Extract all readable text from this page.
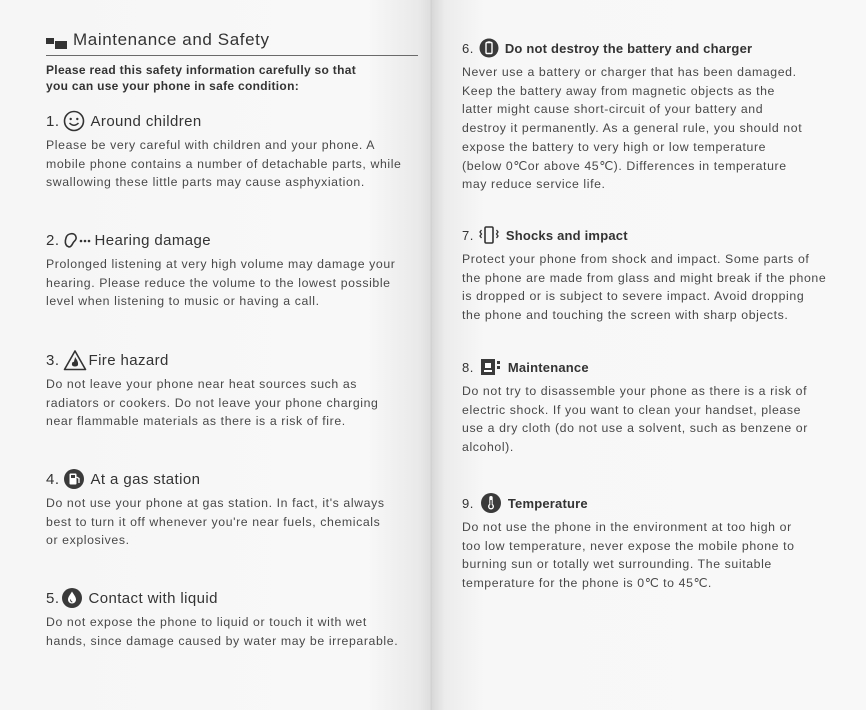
Maintenance and Safety
Please read this safety information carefully so that
you can use your phone in safe condition:
1. Around children

Please be very careful with children and your phone. A

mobile phone contains a number of detachable parts, while

swallowing these little parts may cause asphyxiation.

2. Hearing damage

Prolonged listening at very high volume may damage your

hearing. Please reduce the volume to the lowest possible

level when listening to music or having a call.

3. Fire hazard

Do not leave your phone near heat sources such as

radiators or cookers. Do not leave your phone charging

near flammable materials as there is a risk of fire.

4. At a gas station

Do not use your phone at gas station. In fact, it's always

best to turn it off whenever you're near fuels, chemicals

or explosives.

5. Contact with liquid

Do not expose the phone to liquid or touch it with wet

hands, since damage caused by water may be irreparable.

6. Do not destroy the battery and charger

Never use a battery or charger that has been damaged.

Keep the battery away from magnetic objects as the

latter might cause short-circuit of your battery and

destroy it permanently. As a general rule, you should not

expose the battery to very high or low temperature

(below 0℃or above 45℃). Differences in temperature

may reduce service life.

7. Shocks and impact

Protect your phone from shock and impact. Some parts of

the phone are made from glass and might break if the phone

is dropped or is subject to severe impact. Avoid dropping

the phone and touching the screen with sharp objects.

8.	Maintenance

Do not try to disassemble your phone as there is a risk of

electric shock. If you want to clean your handset, please

use a dry cloth (do not use a solvent, such as benzene or

alcohol).

9.	Temperature

Do not use the phone in the environment at too high or

too low temperature, never expose the mobile phone to

burning sun or totally wet surrounding. The suitable

temperature for the phone is 0℃ to 45℃.
